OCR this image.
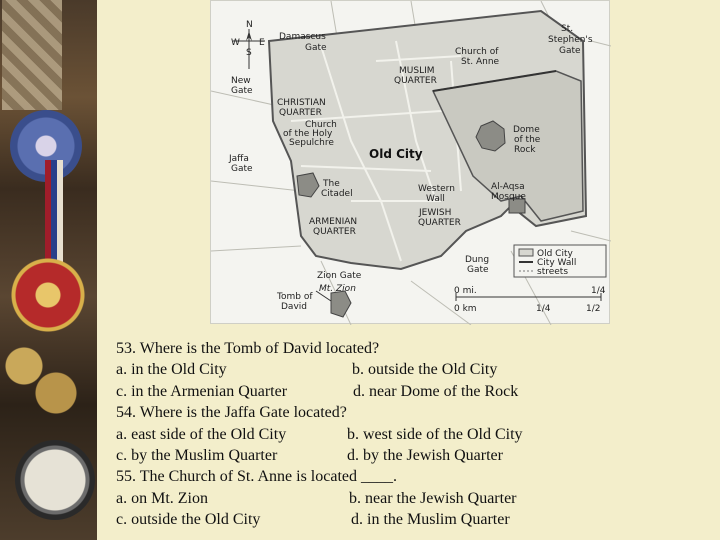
N
W E
S
Damascus
Gate	Church of
St. Anne
St.
Stephen's
Gate
MUSLIM
QUARTER
New
Gate
CHRISTIAN
QUARTER
Church
of the Holy
Sepulchre
Dome
of the
Rock
Old City
Jaffa
Gate
The
Citadel	Western
Wall
Al-Aqsa
Mosque
JEWISH
QUARTER
ARMENIAN
QUARTER
Dung
Gate
Zion Gate
Mt. Zion
Tomb of
David
Old City
City Wall
streets
0 mi.	1/4
0 km	1/4	1/2
53. Where is the Tomb of David located?
a. in the Old City	b. outside the Old City
c. in the Armenian Quarter	d. near Dome of the Rock
54. Where is the Jaffa Gate located?
a. east side of the Old City	b. west side of the Old City
c. by the Muslim Quarter	d. by the Jewish Quarter
55. The Church of St. Anne is located ____.
a. on Mt. Zion	b. near the Jewish Quarter
c. outside the Old City	d. in the Muslim Quarter
